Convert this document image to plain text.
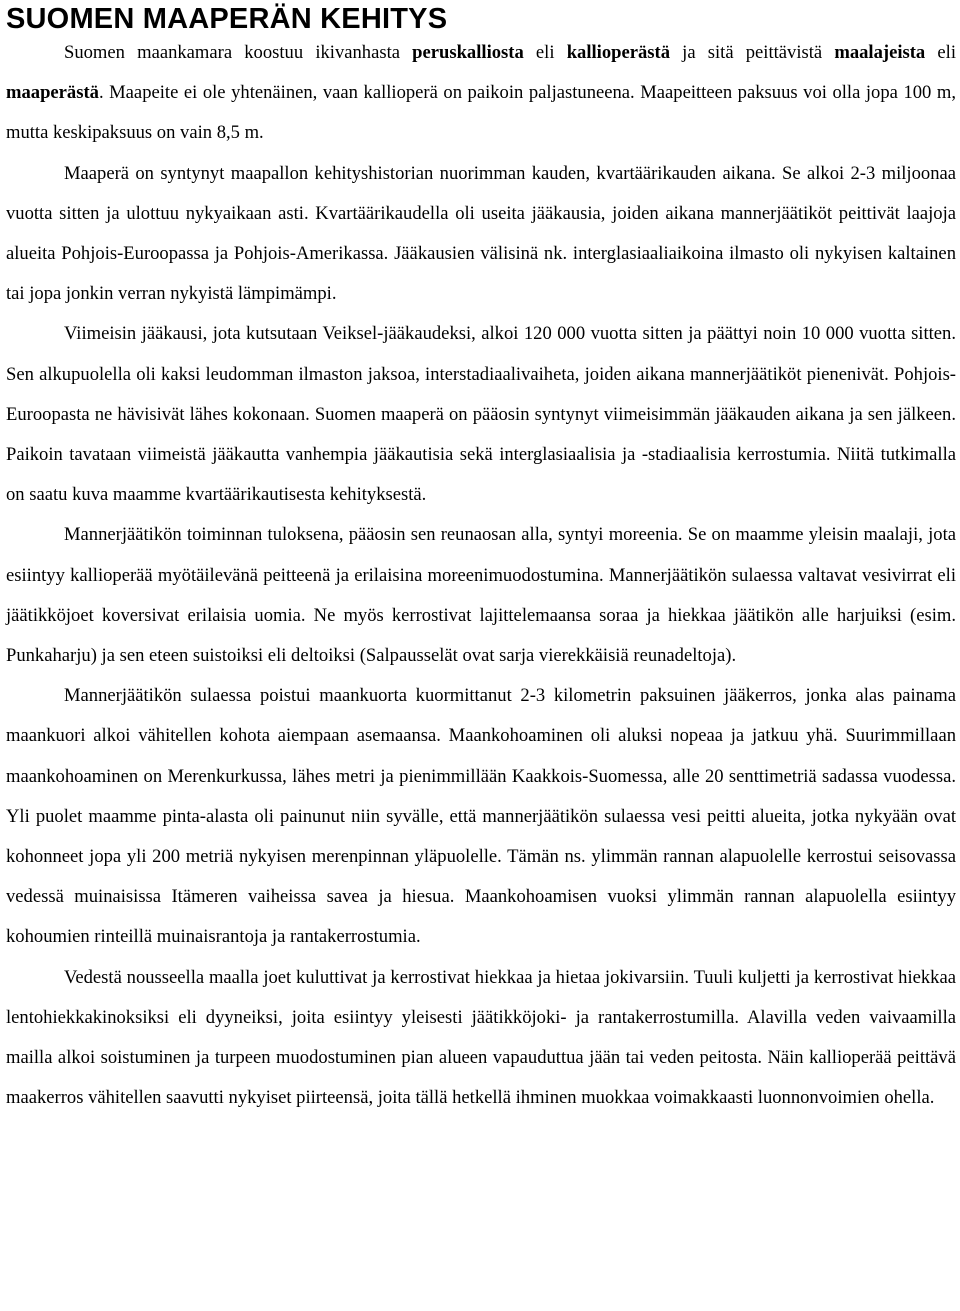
SUOMEN MAAPERÄN KEHITYS

Suomen maankamara koostuu ikivanhasta peruskalliosta eli kallioperästä ja sitä peittävistä maalajeista eli maaperästä. Maapeite ei ole yhtenäinen, vaan kallioperä on paikoin paljastuneena. Maapeitteen paksuus voi olla jopa 100 m, mutta keskipaksuus on vain 8,5 m.

Maaperä on syntynyt maapallon kehityshistorian nuorimman kauden, kvartäärikauden aikana. Se alkoi 2-3 miljoonaa vuotta sitten ja ulottuu nykyaikaan asti. Kvartäärikaudella oli useita jääkausia, joiden aikana mannerjäätiköt peittivät laajoja alueita Pohjois-Euroopassa ja Pohjois-Amerikassa. Jääkausien välisinä nk. interglasiaaliaikoina ilmasto oli nykyisen kaltainen tai jopa jonkin verran nykyistä lämpimämpi.

Viimeisin jääkausi, jota kutsutaan Veiksel-jääkaudeksi, alkoi 120 000 vuotta sitten ja päättyi noin 10 000 vuotta sitten. Sen alkupuolella oli kaksi leudomman ilmaston jaksoa, interstadiaalivaiheta, joiden aikana mannerjäätiköt pienenivät. Pohjois-Euroopasta ne hävisivät lähes kokonaan. Suomen maaperä on pääosin syntynyt viimeisimmän jääkauden aikana ja sen jälkeen. Paikoin tavataan viimeistä jääkautta vanhempia jääkautisia sekä interglasiaalisia ja -stadiaalisia kerrostumia. Niitä tutkimalla on saatu kuva maamme kvartäärikautisesta kehityksestä.

Mannerjäätikön toiminnan tuloksena, pääosin sen reunaosan alla, syntyi moreenia. Se on maamme yleisin maalaji, jota esiintyy kallioperää myötäilevänä peitteenä ja erilaisina moreenimuodostumina. Mannerjäätikön sulaessa valtavat vesivirrat eli jäätikköjoet koversivat erilaisia uomia. Ne myös kerrostivat lajittelemaansa soraa ja hiekkaa jäätikön alle harjuiksi (esim. Punkaharju) ja sen eteen suistoiksi eli deltoiksi (Salpausselät ovat sarja vierekkäisiä reunadeltoja).

Mannerjäätikön sulaessa poistui maankuorta kuormittanut 2-3 kilometrin paksuinen jääkerros, jonka alas painama maankuori alkoi vähitellen kohota aiempaan asemaansa. Maankohoaminen oli aluksi nopeaa ja jatkuu yhä. Suurimmillaan maankohoaminen on Merenkurkussa, lähes metri ja pienimmillään Kaakkois-Suomessa, alle 20 senttimetriä sadassa vuodessa. Yli puolet maamme pinta-alasta oli painunut niin syvälle, että mannerjäätikön sulaessa vesi peitti alueita, jotka nykyään ovat kohonneet jopa yli 200 metriä nykyisen merenpinnan yläpuolelle. Tämän ns. ylimmän rannan alapuolelle kerrostui seisovassa vedessä muinaisissa Itämeren vaiheissa savea ja hiesua. Maankohoamisen vuoksi ylimmän rannan alapuolella esiintyy kohoumien rinteillä muinaisrantoja ja rantakerrostumia.

Vedestä nousseella maalla joet kuluttivat ja kerrostivat hiekkaa ja hietaa jokivarsiin. Tuuli kuljetti ja kerrostivat hiekkaa lentohiekkakinoksiksi eli dyyneiksi, joita esiintyy yleisesti jäätikköjoki- ja rantakerrostumilla. Alavilla veden vaivaamilla mailla alkoi soistuminen ja turpeen muodostuminen pian alueen vapauduttua jään tai veden peitosta. Näin kallioperää peittävä maakerros vähitellen saavutti nykyiset piirteensä, joita tällä hetkellä ihminen muokkaa voimakkaasti luonnonvoimien ohella.
